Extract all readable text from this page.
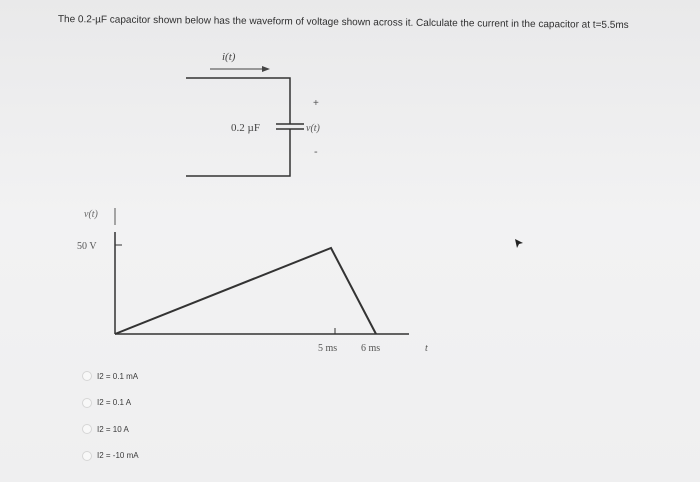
The 0.2-µF capacitor shown below has the waveform of voltage shown across it. Calculate the current in the capacitor at t=5.5ms
i(t)
0.2 µF
+
v(t)
-
v(t)
50 V
5 ms 6 ms	t
I2 = 0.1 mA
I2 = 0.1 A
I2 = 10 A
I2 = -10 mA
